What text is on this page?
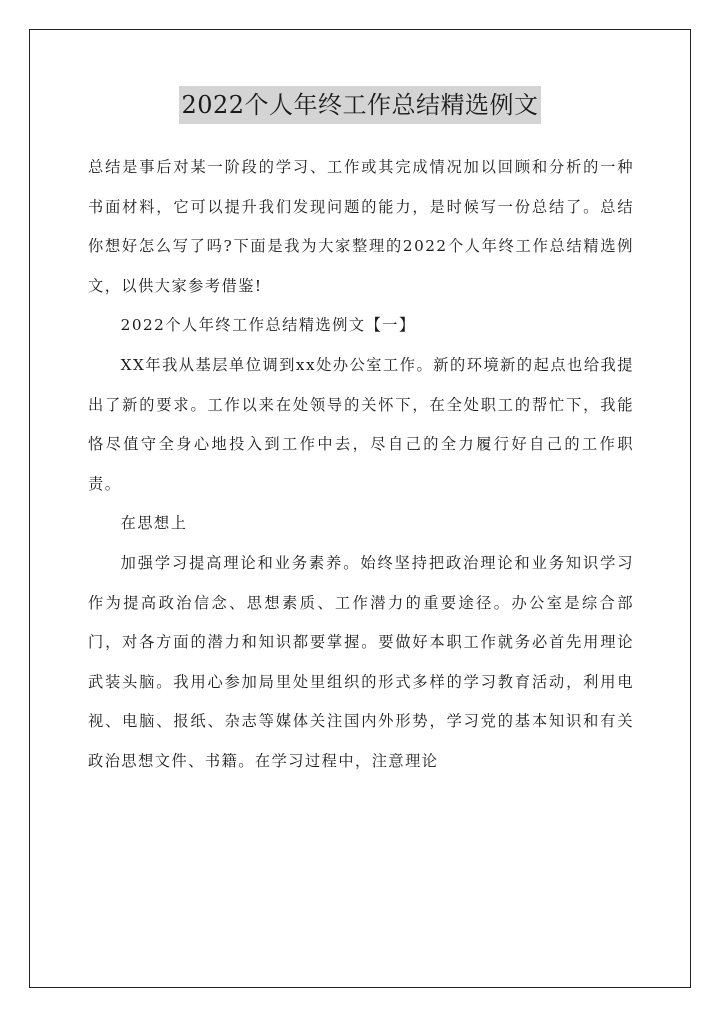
2022个人年终工作总结精选例文

总结是事后对某一阶段的学习、工作或其完成情况加以回顾和分析的一种书面材料，它可以提升我们发现问题的能力，是时候写一份总结了。总结你想好怎么写了吗?下面是我为大家整理的2022个人年终工作总结精选例文，以供大家参考借鉴!

2022个人年终工作总结精选例文【一】

XX年我从基层单位调到xx处办公室工作。新的环境新的起点也给我提出了新的要求。工作以来在处领导的关怀下，在全处职工的帮忙下，我能恪尽值守全身心地投入到工作中去，尽自己的全力履行好自己的工作职责。

在思想上

加强学习提高理论和业务素养。始终坚持把政治理论和业务知识学习作为提高政治信念、思想素质、工作潜力的重要途径。办公室是综合部门，对各方面的潜力和知识都要掌握。要做好本职工作就务必首先用理论武装头脑。我用心参加局里处里组织的形式多样的学习教育活动，利用电视、电脑、报纸、杂志等媒体关注国内外形势，学习党的基本知识和有关政治思想文件、书籍。在学习过程中，注意理论
